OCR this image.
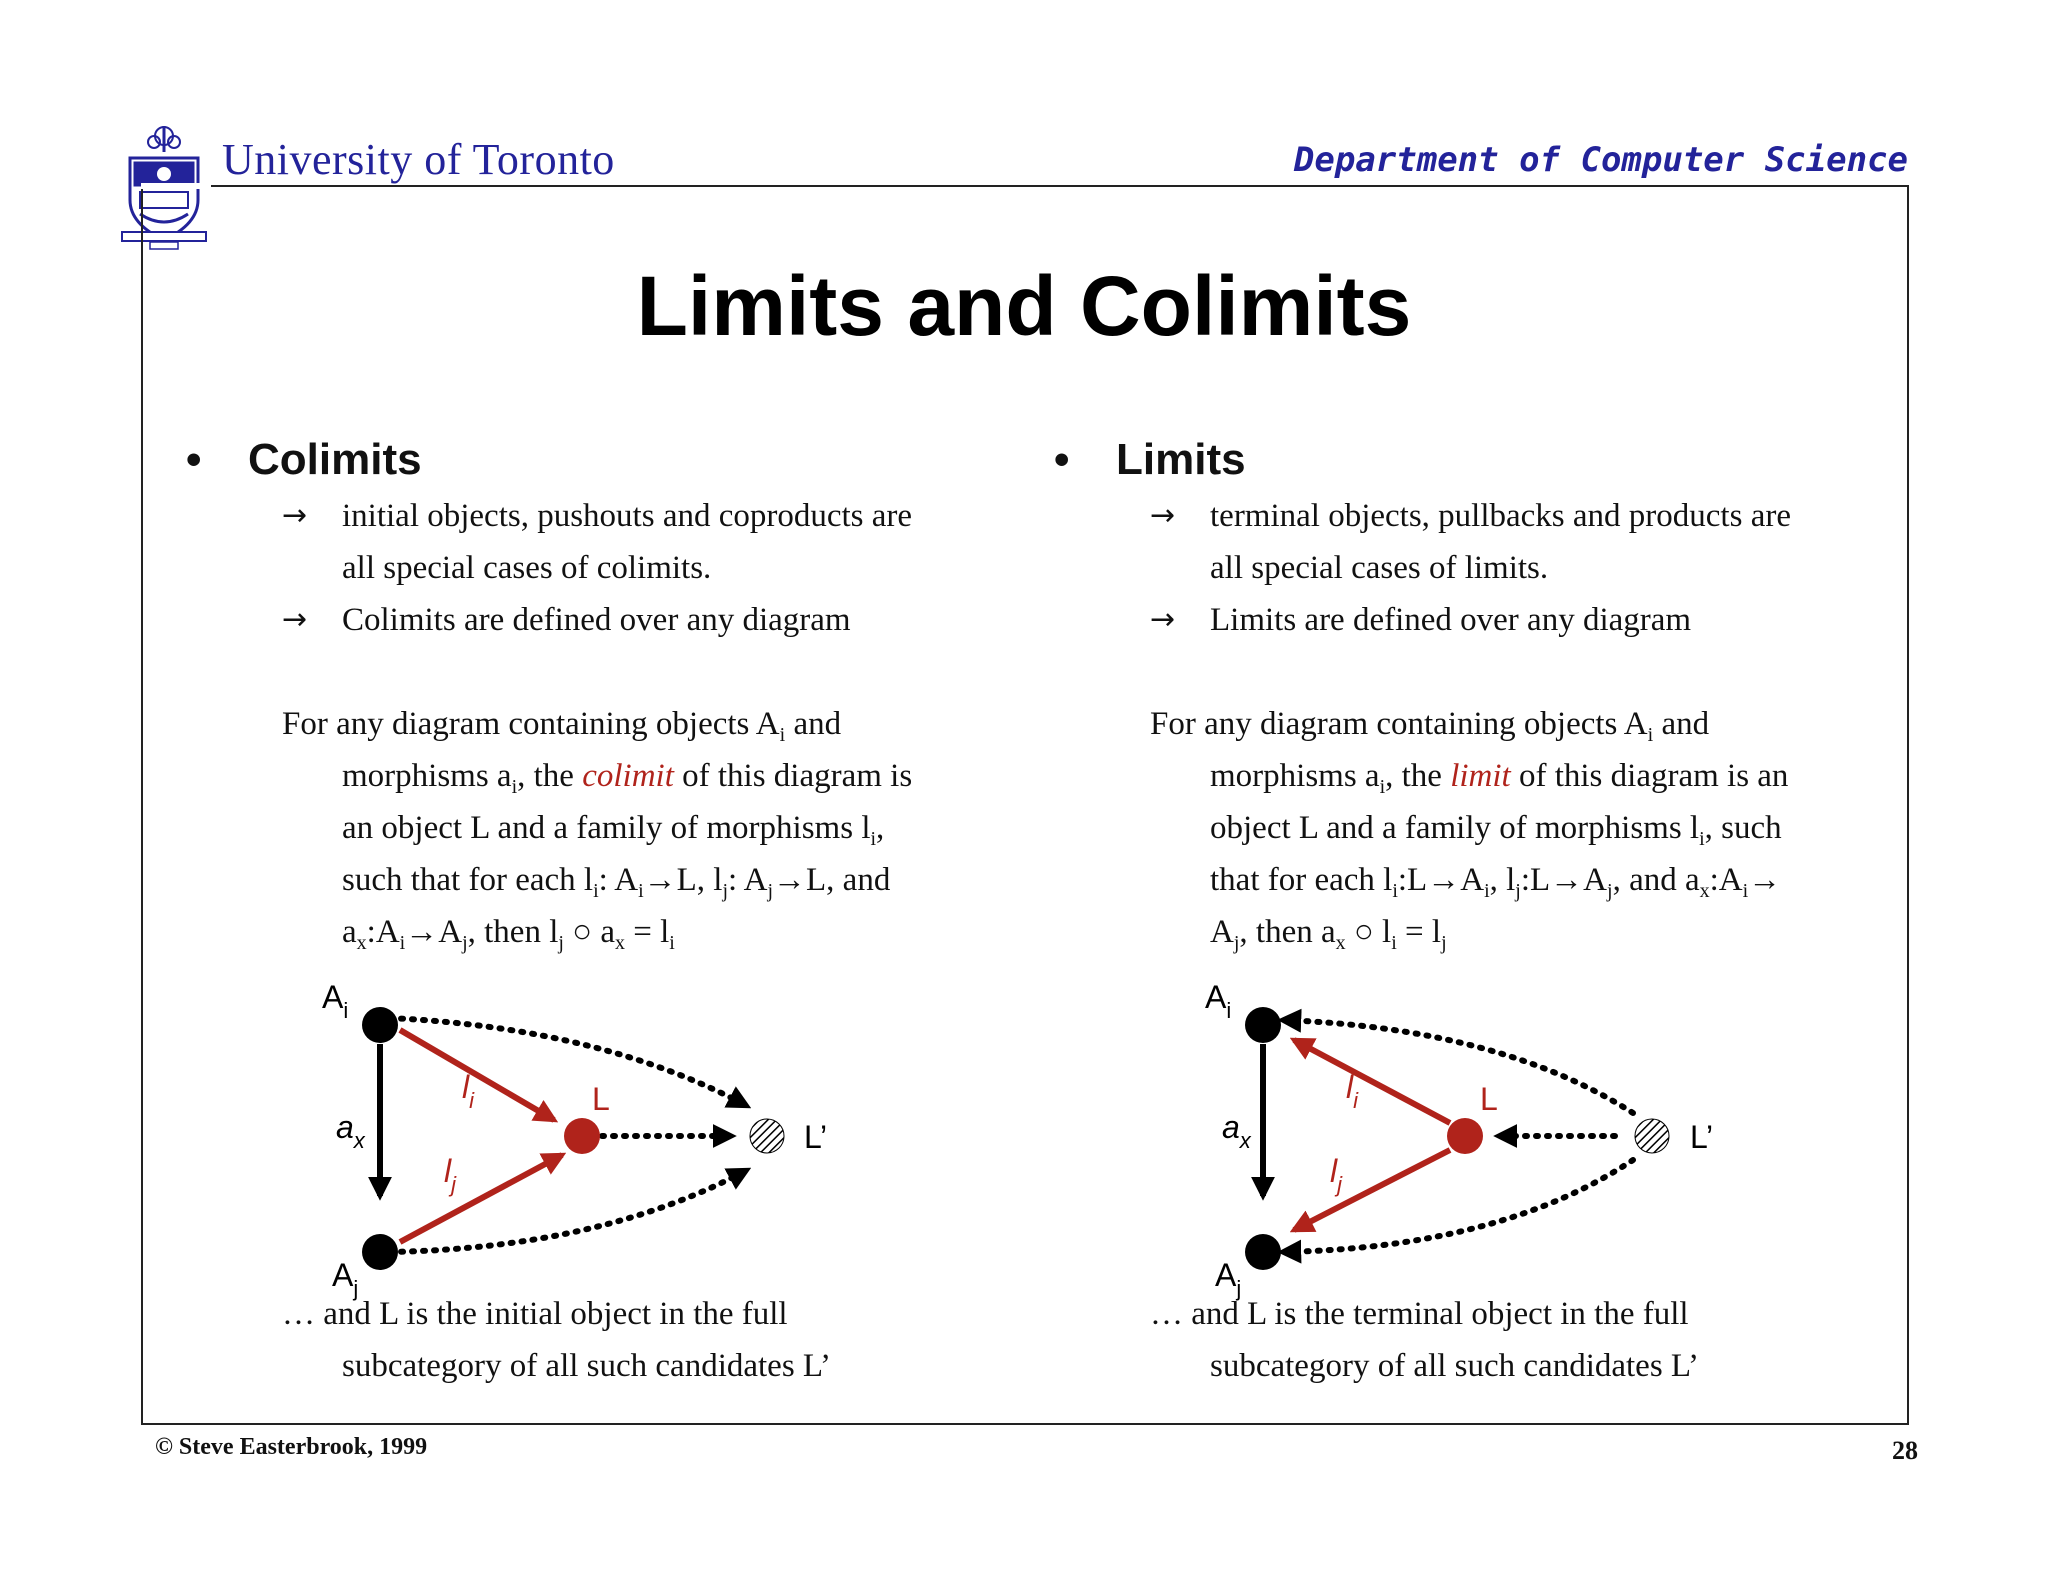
University of Toronto	Department of Computer Science
Limits and Colimits
• Colimits
→ initial objects, pushouts and coproducts are
all special cases of colimits.
→ Colimits are defined over any diagram
For any diagram containing objects $A_i$ and
morphisms $a_i$, the colimit of this diagram is
an object L and a family of morphisms $l_i$,
such that for each $l_i$: $A_i\to L$, $l_j$: $A_j\to L$, and
$a_x:A_i\to A_j$, then $l_j$ ○ $a_x = l_i$
$A_i$
$A_j$
$a_x$
$l_i$
$l_j$
L
L’
… and L is the initial object in the full
subcategory of all such candidates L’
• Limits
→ terminal objects, pullbacks and products are
all special cases of limits.
→ Limits are defined over any diagram
For any diagram containing objects $A_i$ and
morphisms $a_i$, the limit of this diagram is an
object L and a family of morphisms $l_i$, such
that for each $l_i:L\to A_i$, $l_j:L\to A_j$, and $a_x:A_i\to$
$A_j$, then $a_x$ ○ $l_i = l_j$
$A_i$
$A_j$
$a_x$
$l_i$
$l_j$
L
L’
… and L is the terminal object in the full
subcategory of all such candidates L’
© Steve Easterbrook, 1999	28
